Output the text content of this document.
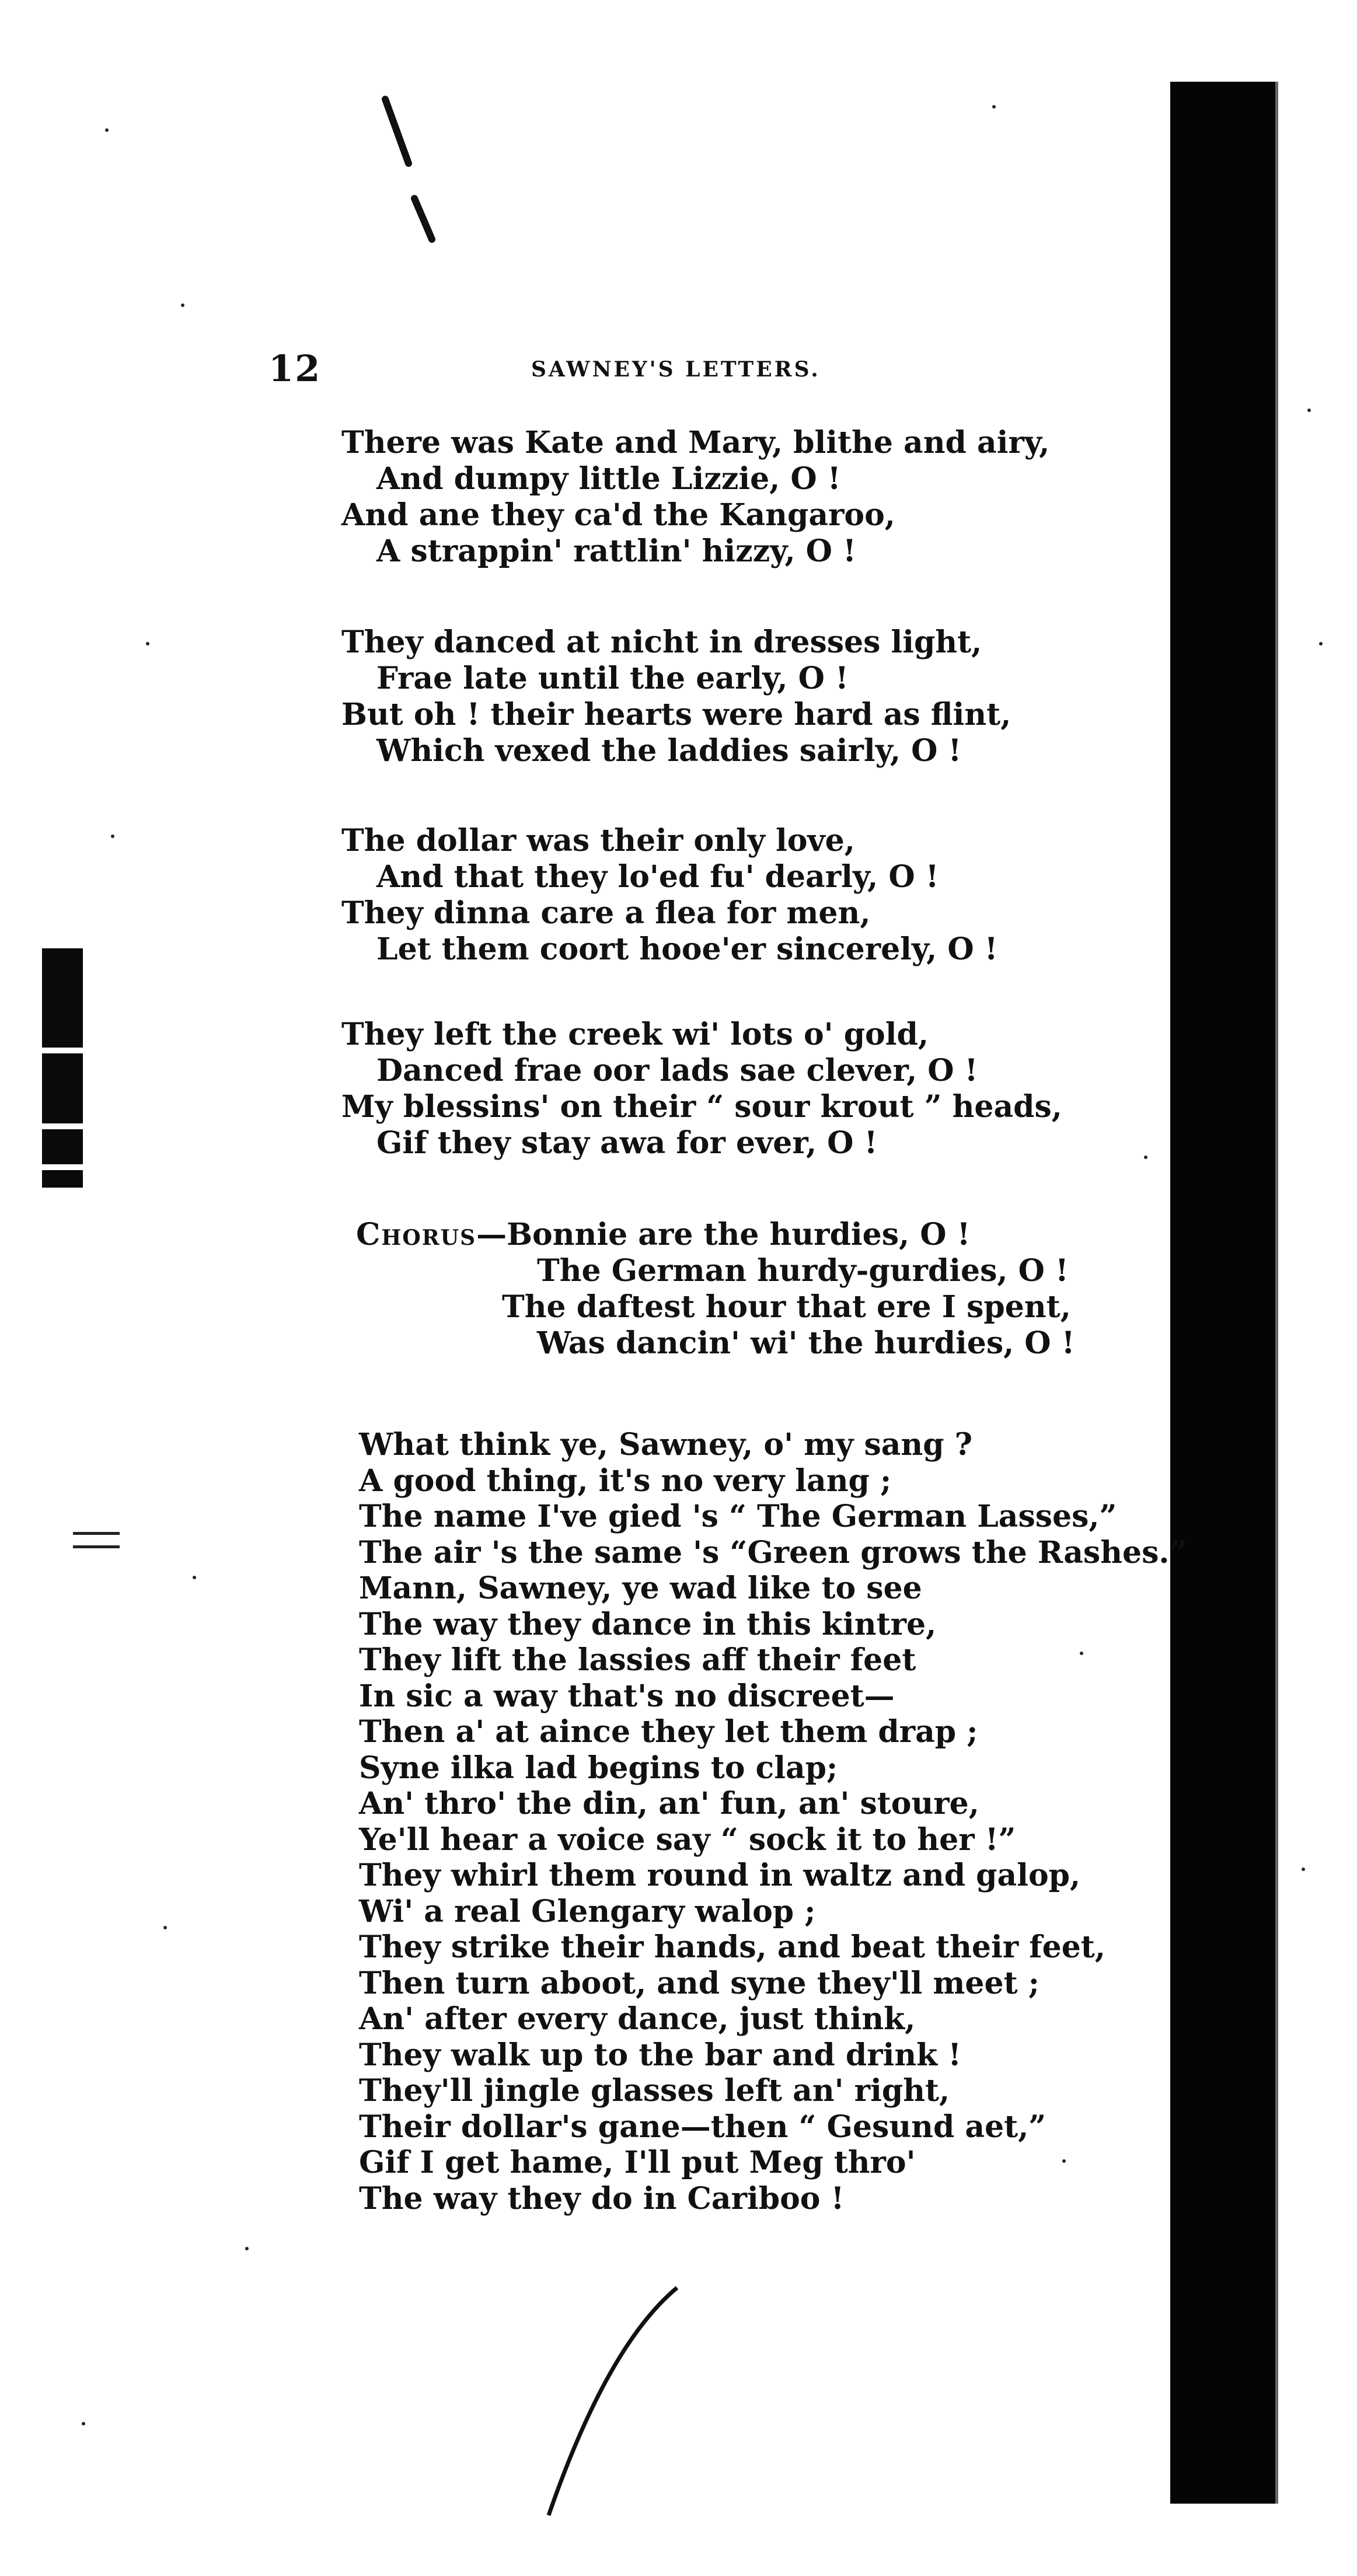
12	SAWNEY'S LETTERS.
There was Kate and Mary, blithe and airy,
And dumpy little Lizzie, O !
And ane they ca'd the Kangaroo,
A strappin' rattlin' hizzy, O !
They danced at nicht in dresses light,
Frae late until the early, O !
But oh ! their hearts were hard as flint,
Which vexed the laddies sairly, O !
The dollar was their only love,
And that they lo'ed fu' dearly, O !
They dinna care a flea for men,
Let them coort hooe'er sincerely, O !
They left the creek wi' lots o' gold,
Danced frae oor lads sae clever, O !
My blessins' on their “ sour krout ” heads,
Gif they stay awa for ever, O !
Chorus—Bonnie are the hurdies, O !
The German hurdy-gurdies, O !
The daftest hour that ere I spent,
Was dancin' wi' the hurdies, O !
What think ye, Sawney, o' my sang ?
A good thing, it's no very lang ;
The name I've gied 's “ The German Lasses,”
The air 's the same 's “Green grows the Rashes.”
Mann, Sawney, ye wad like to see
The way they dance in this kintre,
They lift the lassies aff their feet
In sic a way that's no discreet—
Then a' at aince they let them drap ;
Syne ilka lad begins to clap;
An' thro' the din, an' fun, an' stoure,
Ye'll hear a voice say “ sock it to her !”
They whirl them round in waltz and galop,
Wi' a real Glengary walop ;
They strike their hands, and beat their feet,
Then turn aboot, and syne they'll meet ;
An' after every dance, just think,
They walk up to the bar and drink !
They'll jingle glasses left an' right,
Their dollar's gane—then “ Gesund aet,”
Gif I get hame, I'll put Meg thro'
The way they do in Cariboo !
